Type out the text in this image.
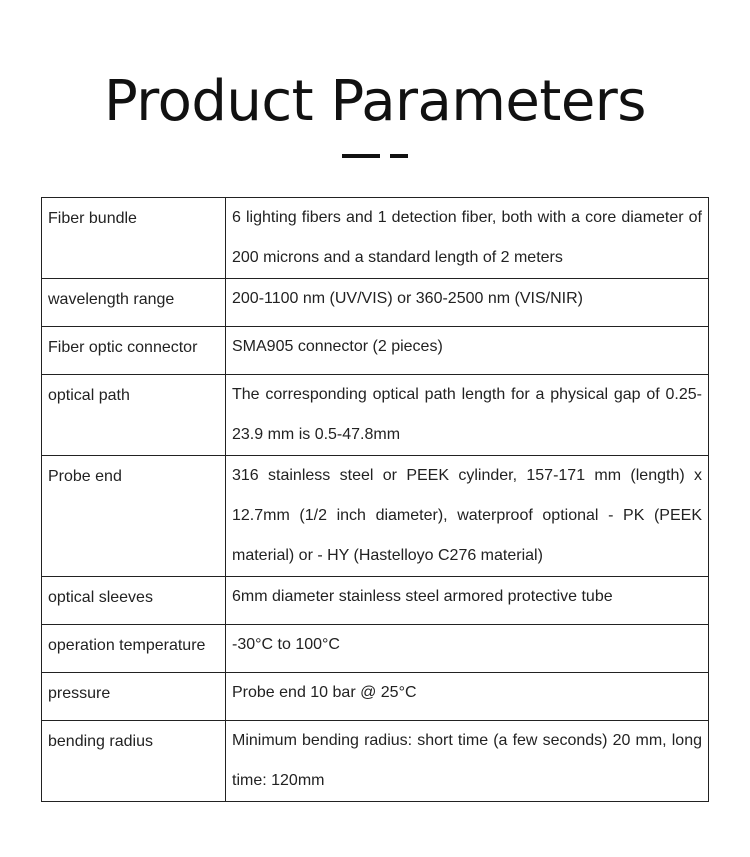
Product Parameters
Fiber bundle	6 lighting fibers and 1 detection fiber, both with a core diameter of 200 microns and a standard length of 2 meters
wavelength range	200-1100 nm (UV/VIS) or 360-2500 nm (VIS/NIR)
Fiber optic connector	SMA905 connector (2 pieces)
optical path	The corresponding optical path length for a physical gap of 0.25-23.9 mm is 0.5-47.8mm
Probe end	316 stainless steel or PEEK cylinder, 157-171 mm (length) x 12.7mm (1/2 inch diameter), waterproof optional - PK (PEEK material) or - HY (Hastelloyo C276 material)
optical sleeves	6mm diameter stainless steel armored protective tube
operation temperature	-30°C to 100°C
pressure	Probe end 10 bar @ 25°C
bending radius	Minimum bending radius: short time (a few seconds) 20 mm, long time: 120mm
